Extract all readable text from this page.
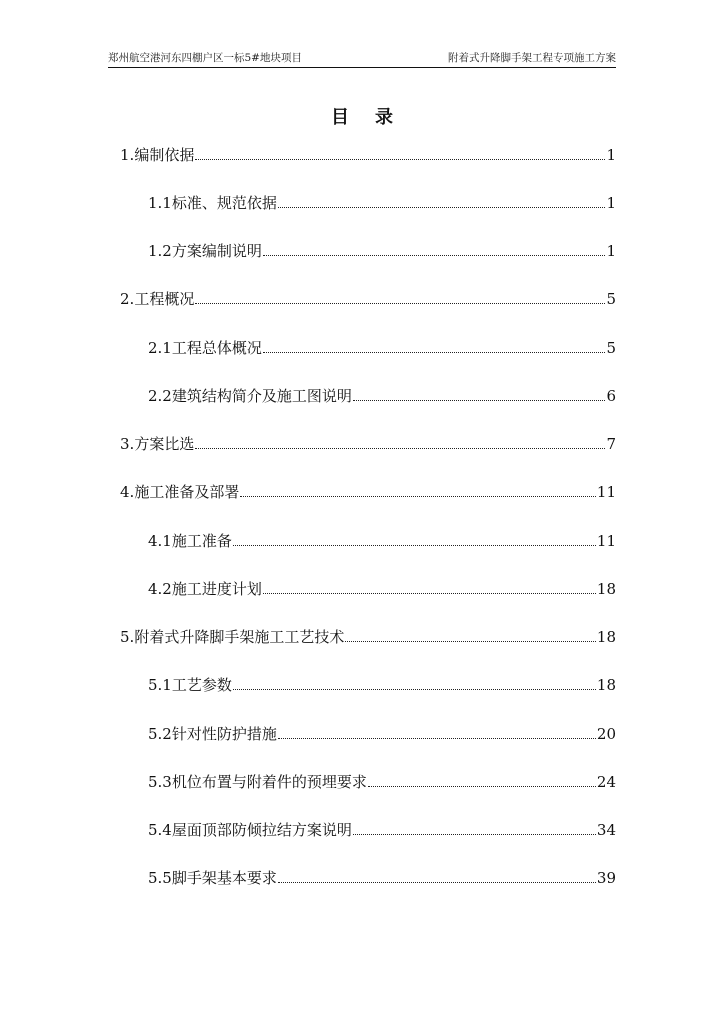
郑州航空港河东四棚户区一标5#地块项目	附着式升降脚手架工程专项施工方案
目 录
1. 编制依据	1
1.1 标准、规范依据	1
1.2 方案编制说明	1
2. 工程概况	5
2.1 工程总体概况	5
2.2 建筑结构简介及施工图说明	6
3. 方案比选	7
4. 施工准备及部署	11
4.1 施工准备	11
4.2 施工进度计划	18
5. 附着式升降脚手架施工工艺技术	18
5.1 工艺参数	18
5.2 针对性防护措施	20
5.3 机位布置与附着件的预埋要求	24
5.4 屋面顶部防倾拉结方案说明	34
5.5 脚手架基本要求	39
